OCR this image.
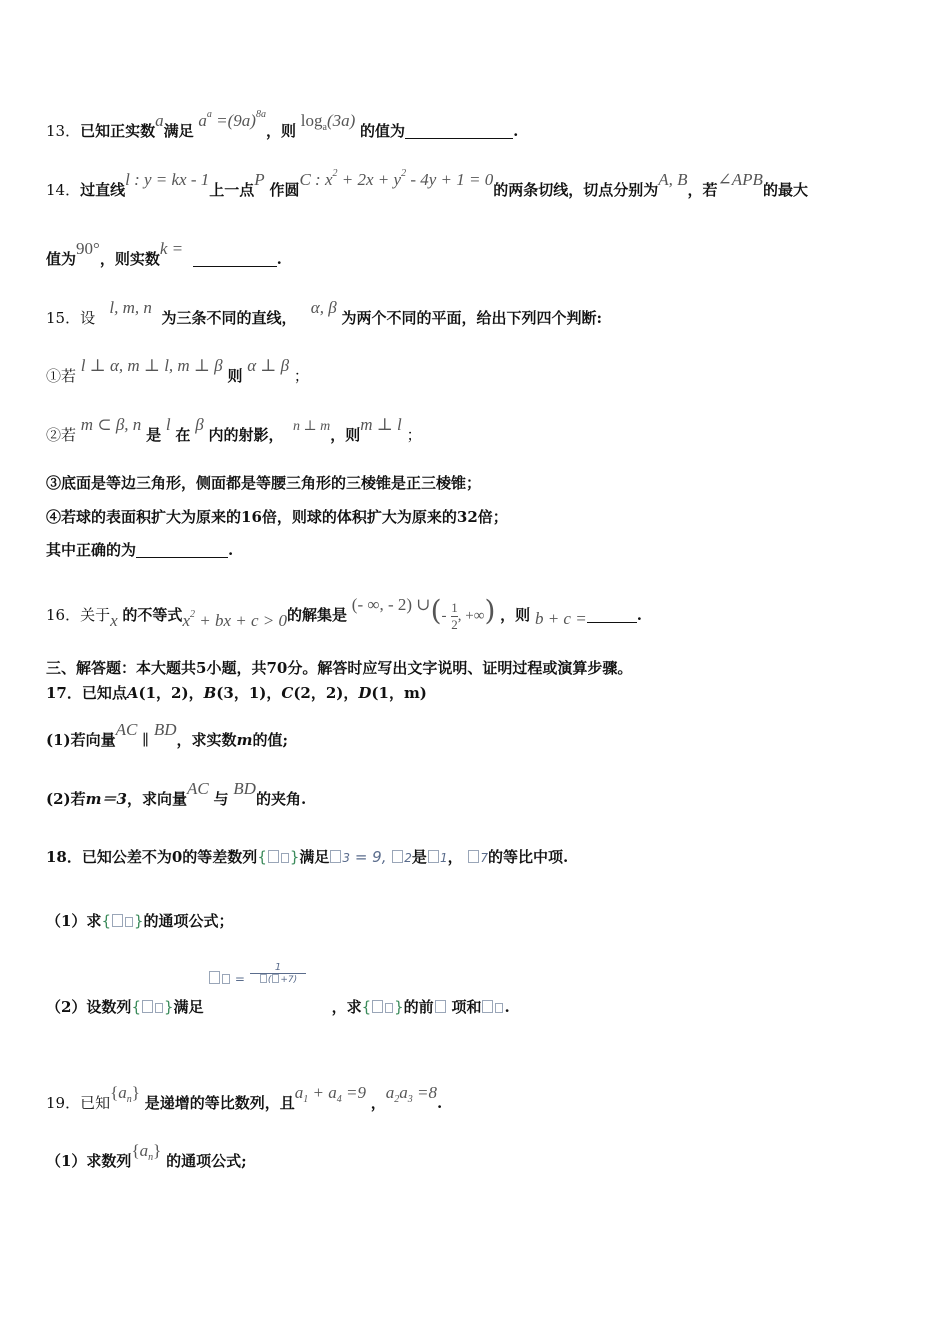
13．已知正实数a满足 $a^a =(9a)^{8a}$，则 $\log_a(3a)$ 的值为	.
14．过直线l : y = kx - 1上一点P 作圆C : $x^2 + 2x + y^2 - 4y + 1 = 0$的两条切线，切点分别为A, B，若∠APB的最大
值为90°，则实数k =  .
15．设   l, m, n  为三条不同的直线，   α, β 为两个不同的平面，给出下列四个判断:
①若 l ⊥ α, m ⊥ l, m ⊥ β 则 α ⊥ β ；
②若 m ⊂ β, n 是 l 在 β 内的射影， n ⊥ m，则m ⊥ l ；
③底面是等边三角形，侧面都是等腰三角形的三棱锥是正三棱锥；
④若球的表面积扩大为原来的16倍，则球的体积扩大为原来的32倍；
其中正确的为	.
16．关于x 的不等式$x^2$ + bx + c > 0的解集是 (- ∞, - 2) ∪(- $\frac{1}{2}$ , +∞) ，则 b + c =	.
三、解答题：本大题共5小题，共70分。解答时应写出文字说明、证明过程或演算步骤。
17．已知点A(1，2)，B(3，1)，C(2，2)，D(1，m)
(1)若向量AC ∥ BD，求实数m的值;
(2)若m＝3，求向量AC 与 BD的夹角.
18．已知公差不为0的等差数列{ }满足 3 = 9, 2是 1， 7的等比中项.
（1）求{ }的通项公式；
=
1
( +7)
（2）设数列{ }满足	，求{ }的前 项和 .
19．已知$\{a_n\}$ 是递增的等比数列，且$a_1 + a_4 =9$ ，$a_2a_3 =8$.
（1）求数列$\{a_n\}$ 的通项公式;
